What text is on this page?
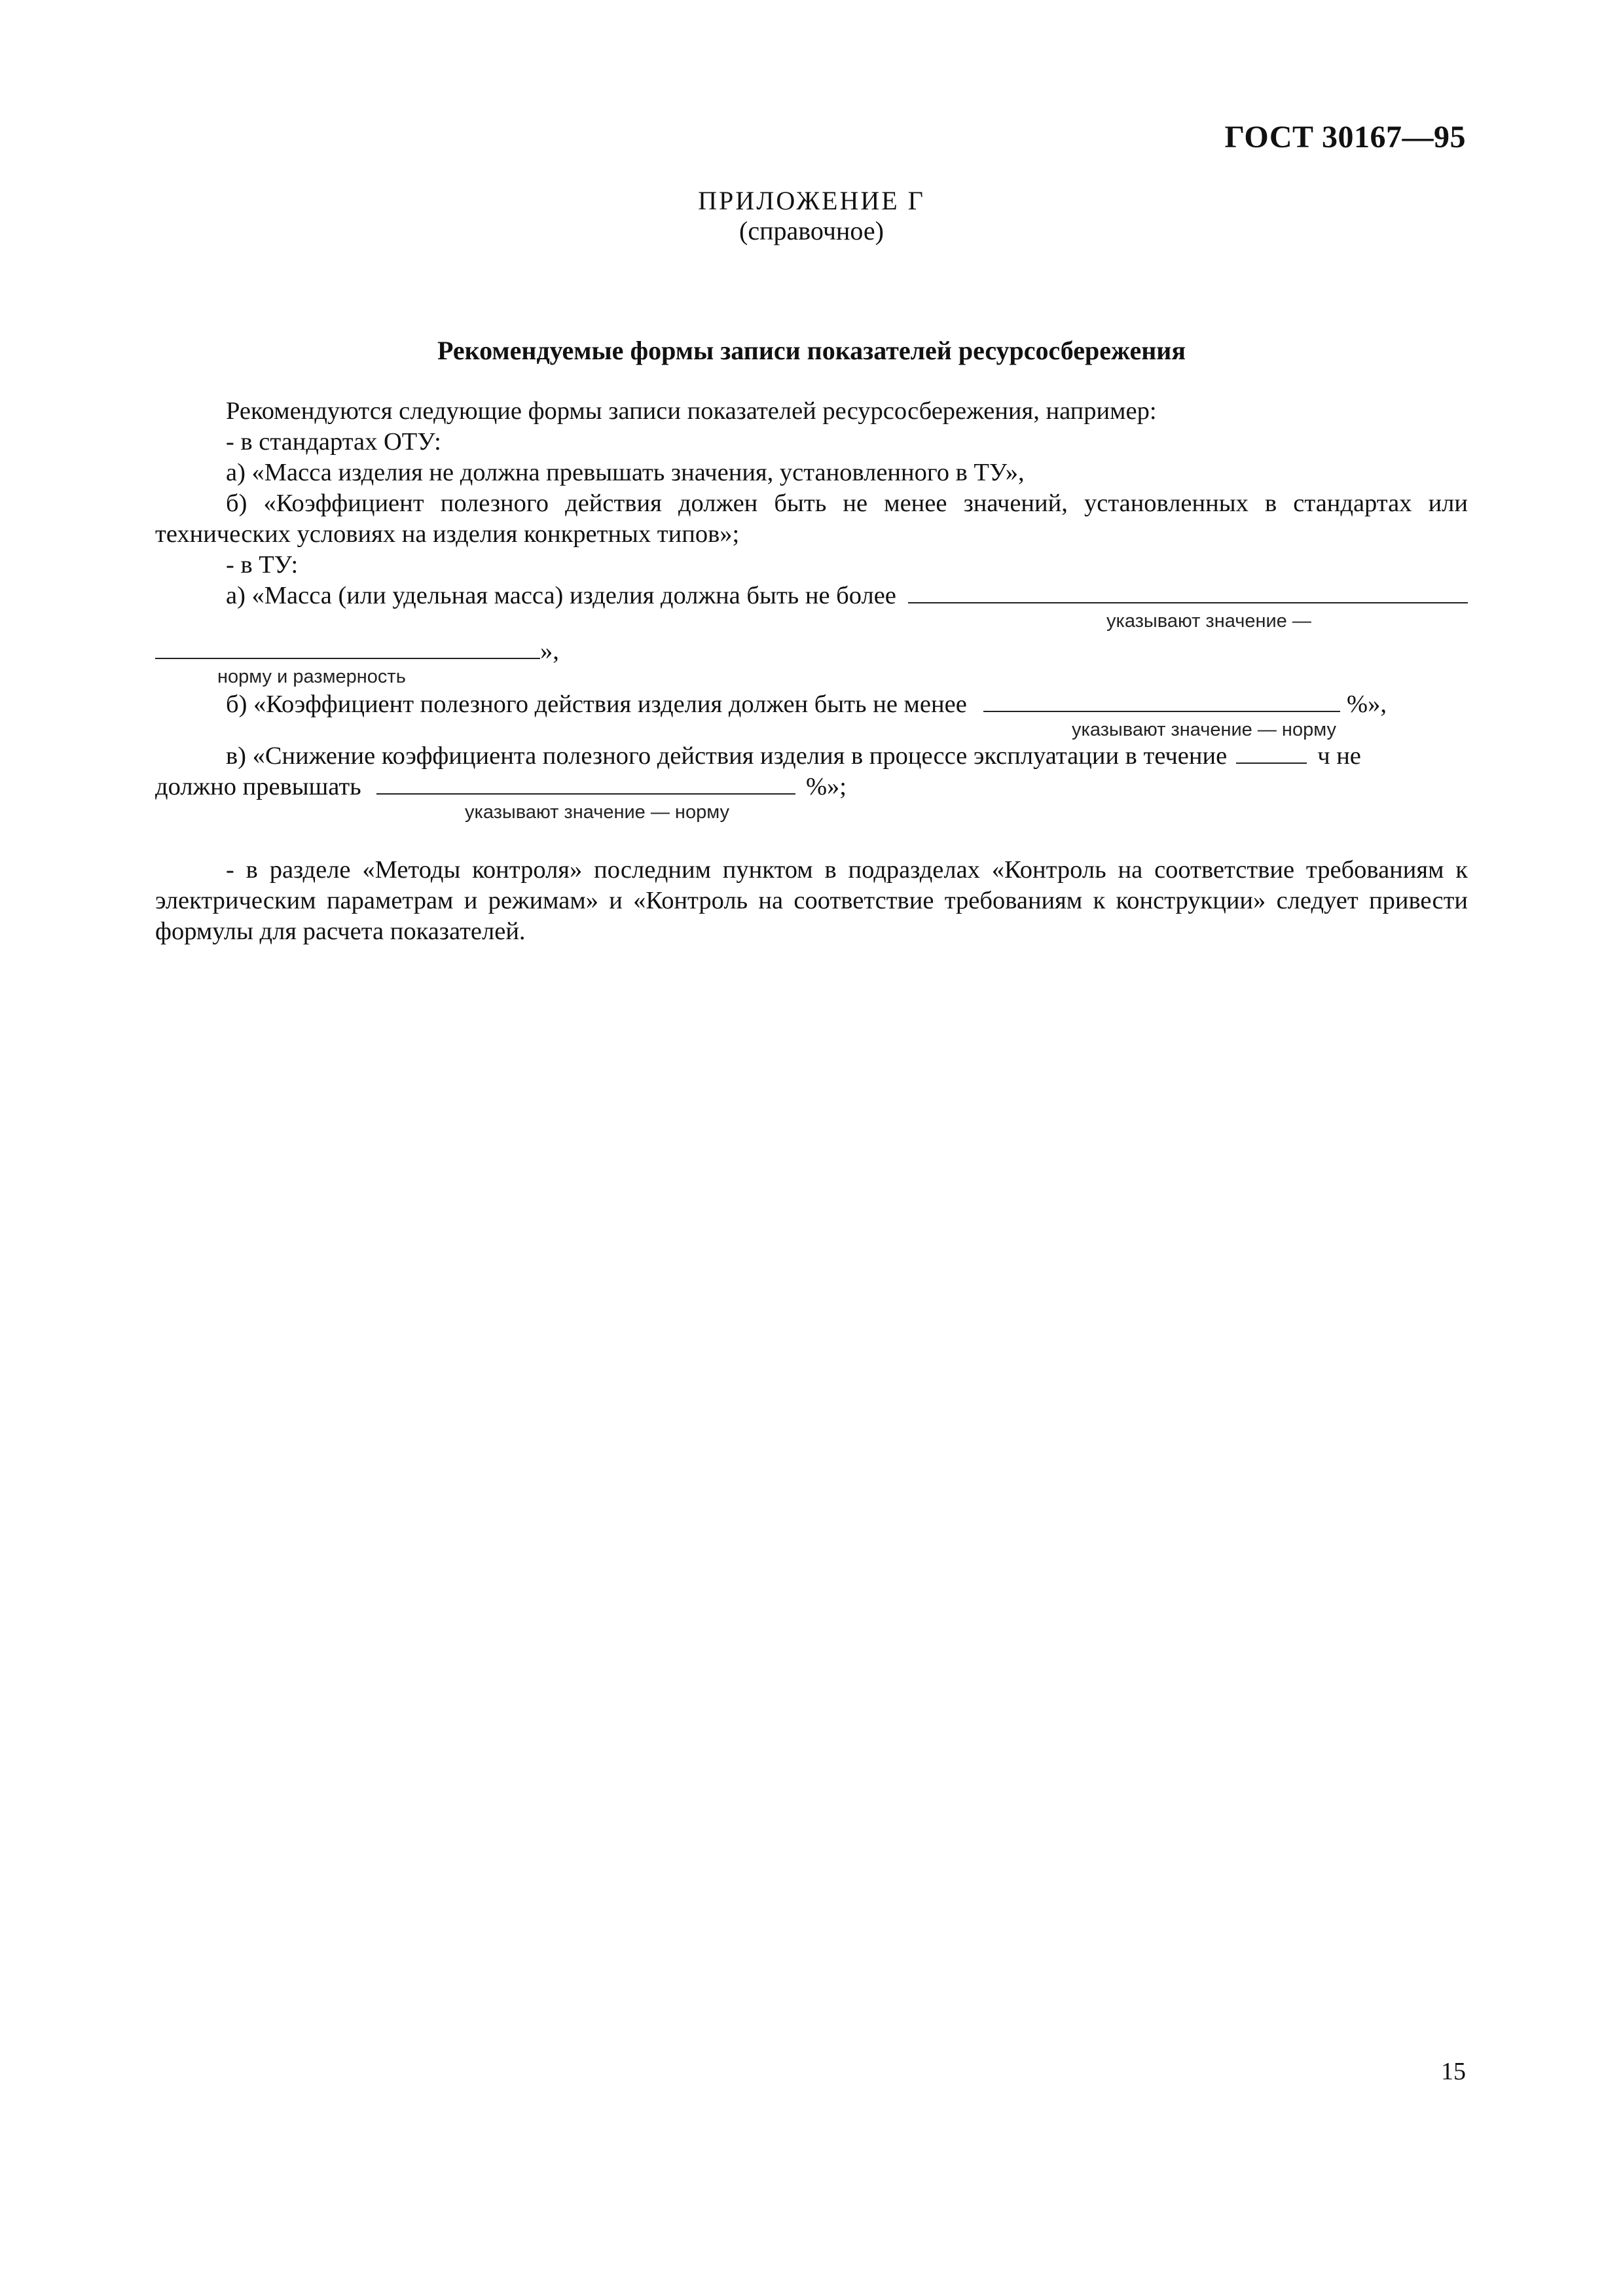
ГОСТ 30167—95
ПРИЛОЖЕНИЕ Г
(справочное)
Рекомендуемые формы записи показателей ресурсосбережения

Рекомендуются следующие формы записи показателей ресурсосбережения, например:

- в стандартах ОТУ:

а) «Масса изделия не должна превышать значения, установленного в ТУ»,

б) «Коэффициент полезного действия должен быть не менее значений, установленных в стандартах или технических условиях на изделия конкретных типов»;

- в ТУ:

а) «Масса (или удельная масса) изделия должна быть не более
указывают значение —
»,
норму и размерность
б) «Коэффициент полезного действия изделия должен быть не менее	%»,
указывают значение — норму
в) «Снижение коэффициента полезного действия изделия в процессе эксплуатации в течение	ч не
должно превышать	%»;
указывают значение — норму

- в разделе «Методы контроля» последним пунктом в подразделах «Контроль на соответствие требованиям к электрическим параметрам и режимам» и «Контроль на соответствие требованиям к конструкции» следует привести формулы для расчета показателей.

15
